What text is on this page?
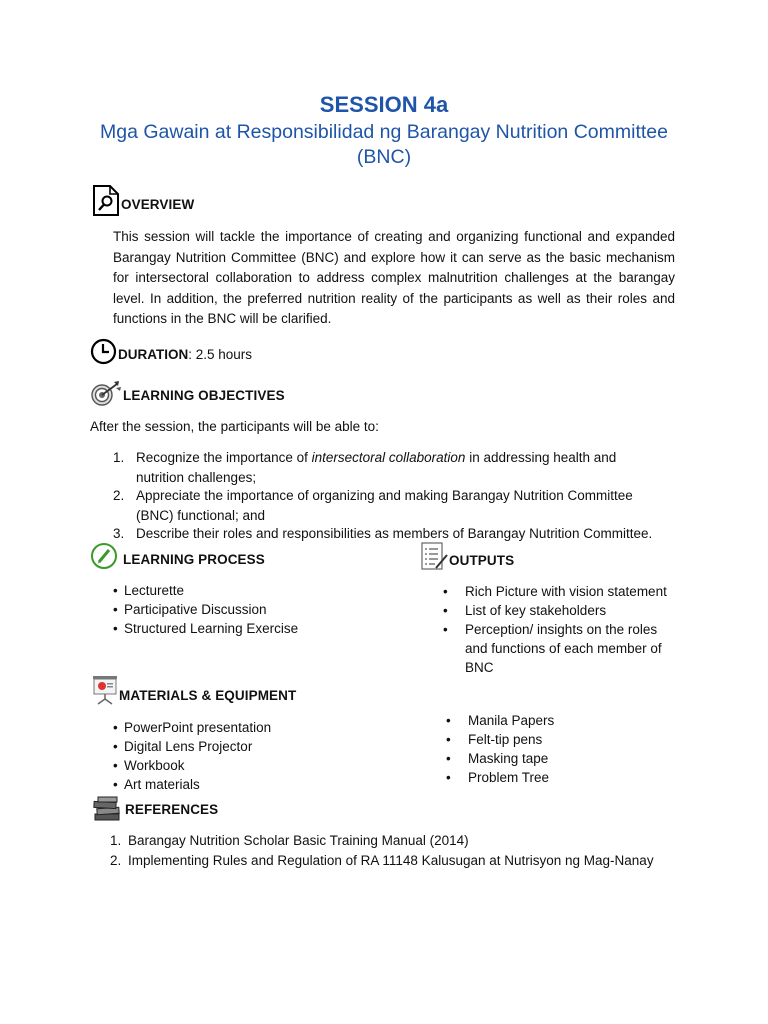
SESSION 4a
Mga Gawain at Responsibilidad ng Barangay Nutrition Committee (BNC)
OVERVIEW
This session will tackle the importance of creating and organizing functional and expanded Barangay Nutrition Committee (BNC) and explore how it can serve as the basic mechanism for intersectoral collaboration to address complex malnutrition challenges at the barangay level. In addition, the preferred nutrition reality of the participants as well as their roles and functions in the BNC will be clarified.
DURATION: 2.5 hours
LEARNING OBJECTIVES
After the session, the participants will be able to:
1. Recognize the importance of intersectoral collaboration in addressing health and
nutrition challenges;
2. Appreciate the importance of organizing and making Barangay Nutrition Committee
(BNC) functional; and
3. Describe their roles and responsibilities as members of Barangay Nutrition Committee.
LEARNING PROCESS
•
Lecturette
•
Participative Discussion
•
Structured Learning Exercise
OUTPUTS
•
Rich Picture with vision statement
•
List of key stakeholders
•
Perception/ insights on the roles
and functions of each member of
BNC
MATERIALS & EQUIPMENT
•
PowerPoint presentation
•
Digital Lens Projector
•
Workbook
•
Art materials
•
Manila Papers
•
Felt-tip pens
•
Masking tape
•
Problem Tree
REFERENCES
1. Barangay Nutrition Scholar Basic Training Manual (2014)
2. Implementing Rules and Regulation of RA 11148 Kalusugan at Nutrisyon ng Mag-Nanay
